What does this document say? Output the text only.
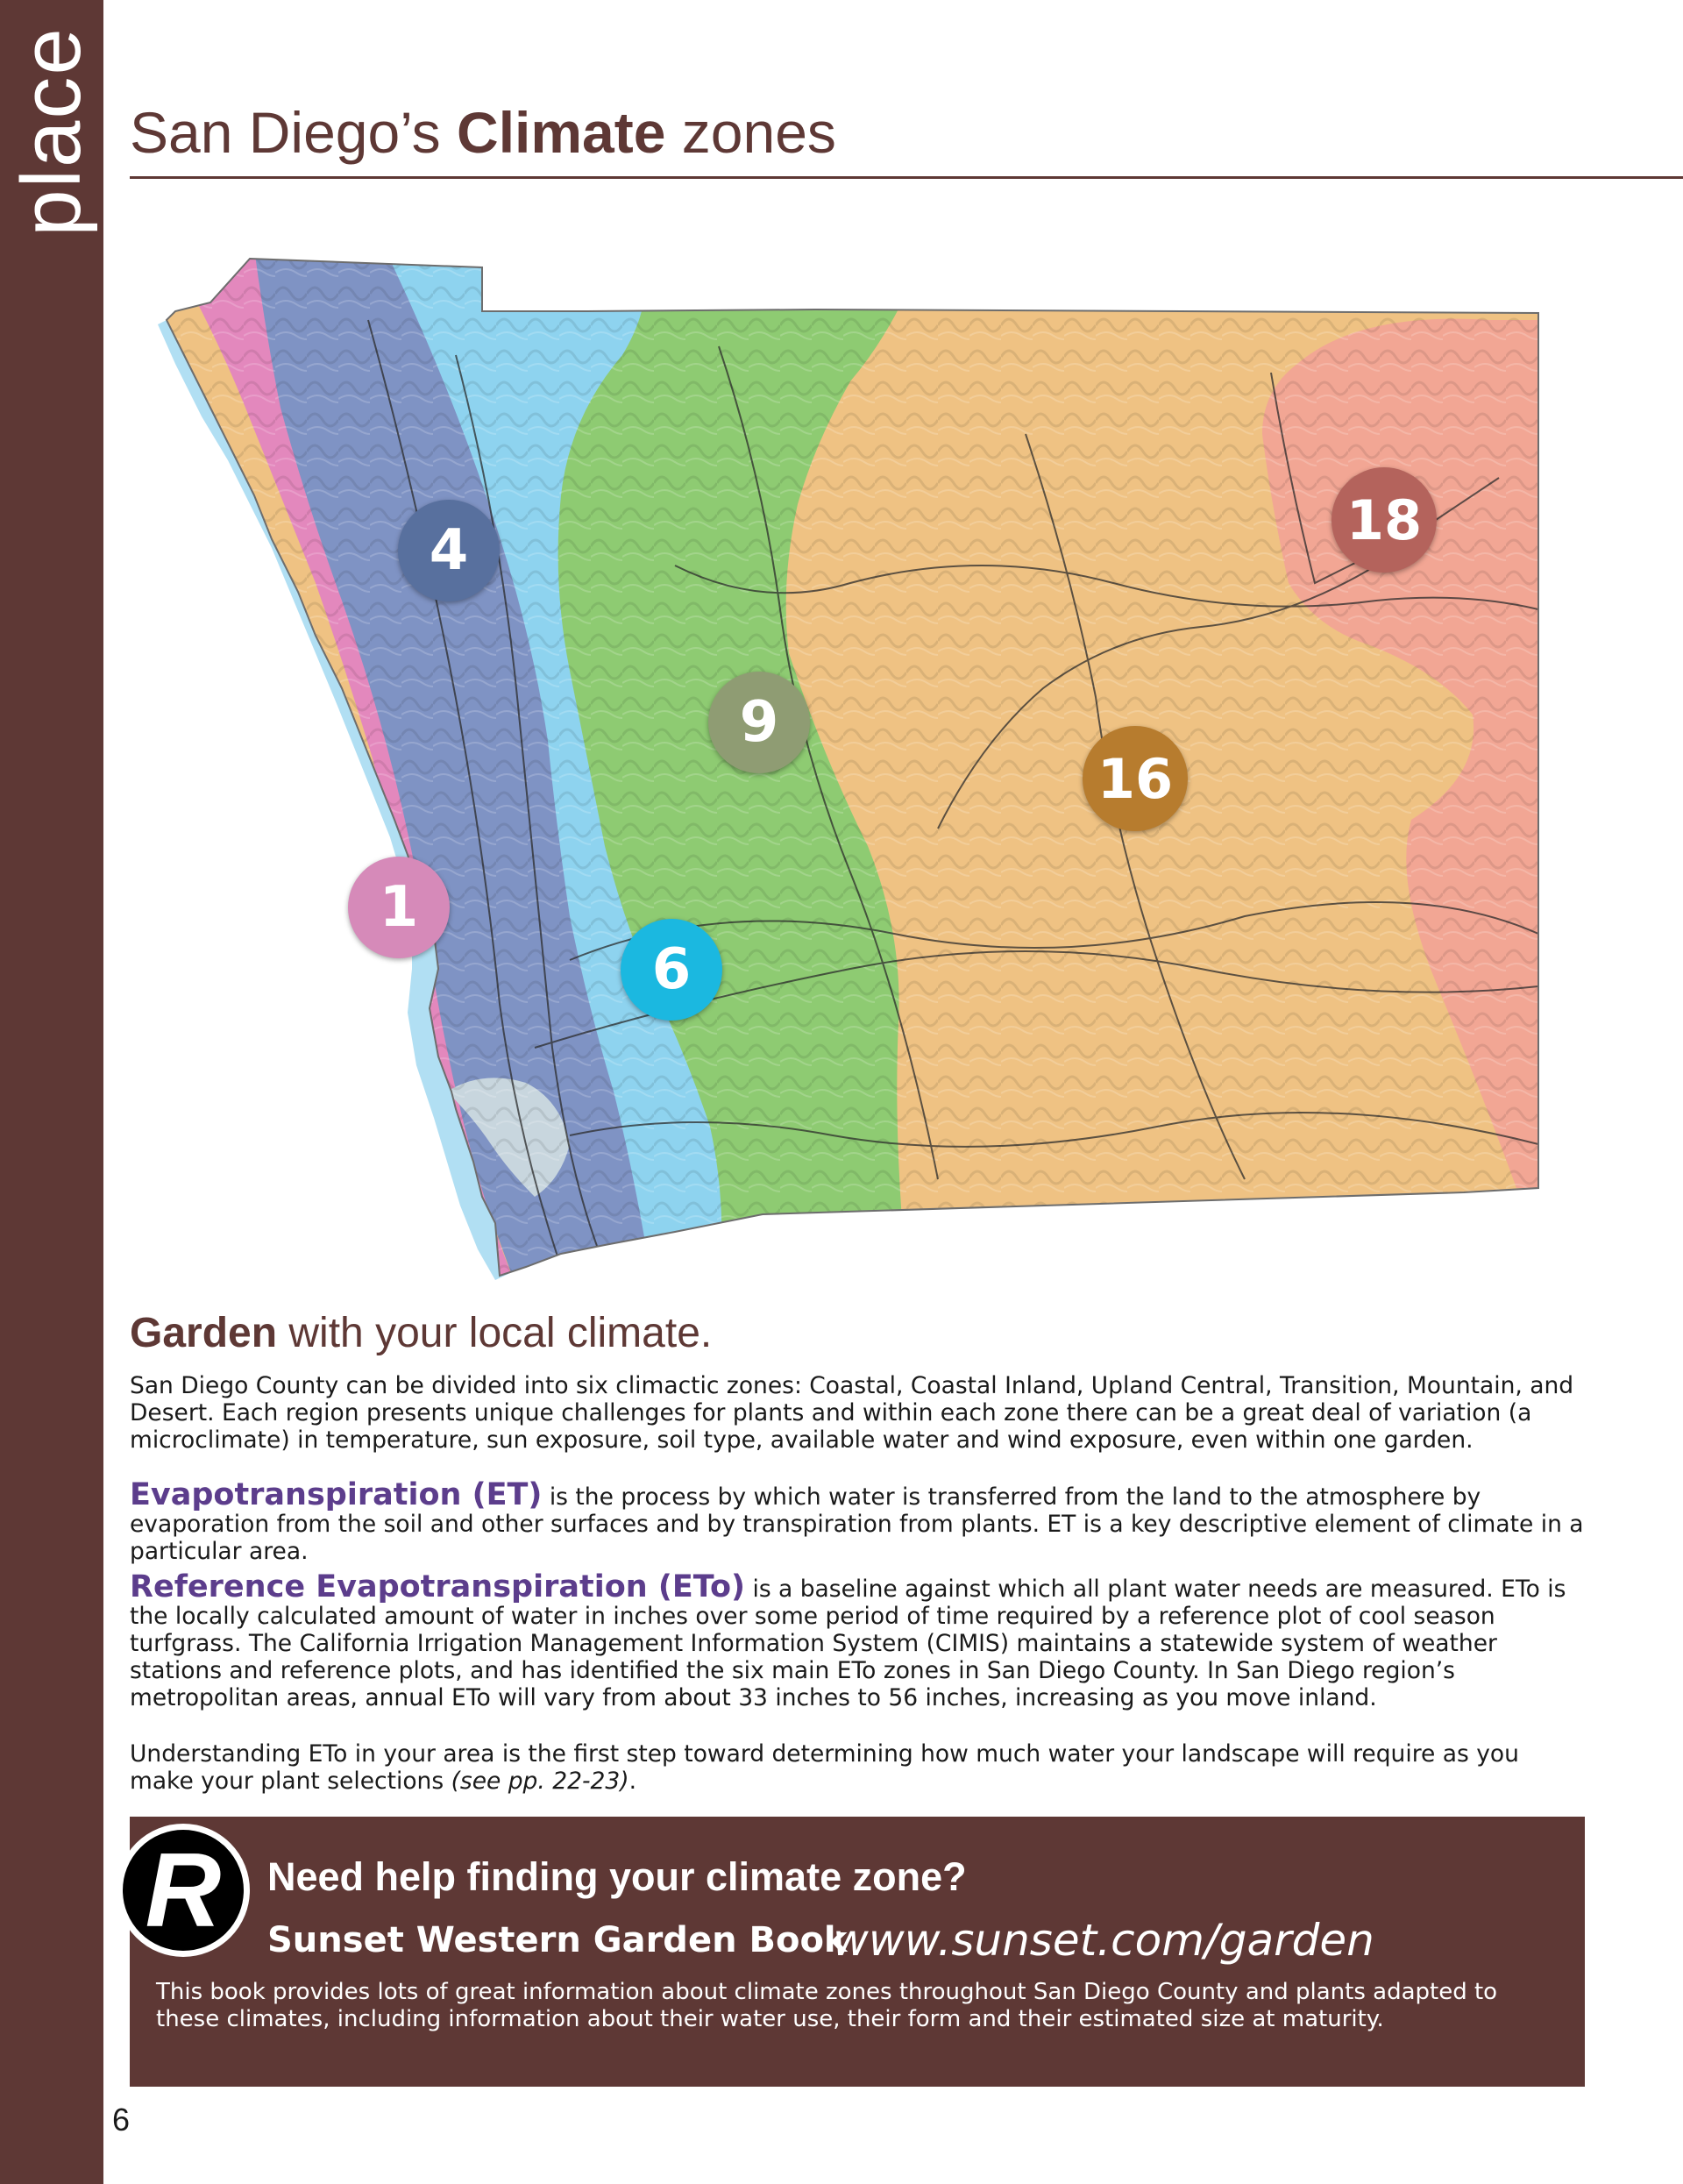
place San Diego’s Climate zones
1
4
6
9
16
18
Garden with your local climate.
San Diego County can be divided into six climactic zones: Coastal, Coastal Inland, Upland Central, Transition, Mountain, and Desert. Each region presents unique challenges for plants and within each zone there can be a great deal of variation (a microclimate) in temperature, sun exposure, soil type, available water and wind exposure, even within one garden.
Evapotranspiration (ET) is the process by which water is transferred from the land to the atmosphere by evaporation from the soil and other surfaces and by transpiration from plants. ET is a key descriptive element of climate in a particular area.
Reference Evapotranspiration (ETo) is a baseline against which all plant water needs are measured. ETo is the locally calculated amount of water in inches over some period of time required by a reference plot of cool season turfgrass. The California Irrigation Management Information System (CIMIS) maintains a statewide system of weather stations and reference plots, and has identified the six main ETo zones in San Diego County. In San Diego region’s metropolitan areas, annual ETo will vary from about 33 inches to 56 inches, increasing as you move inland.
Understanding ETo in your area is the first step toward determining how much water your landscape will require as you make your plant selections (see pp. 22-23).
R	Need help finding your climate zone?
Sunset Western Garden Book
www.sunset.com/garden
This book provides lots of great information about climate zones throughout San Diego County and plants adapted to these climates, including information about their water use, their form and their estimated size at maturity.
6
